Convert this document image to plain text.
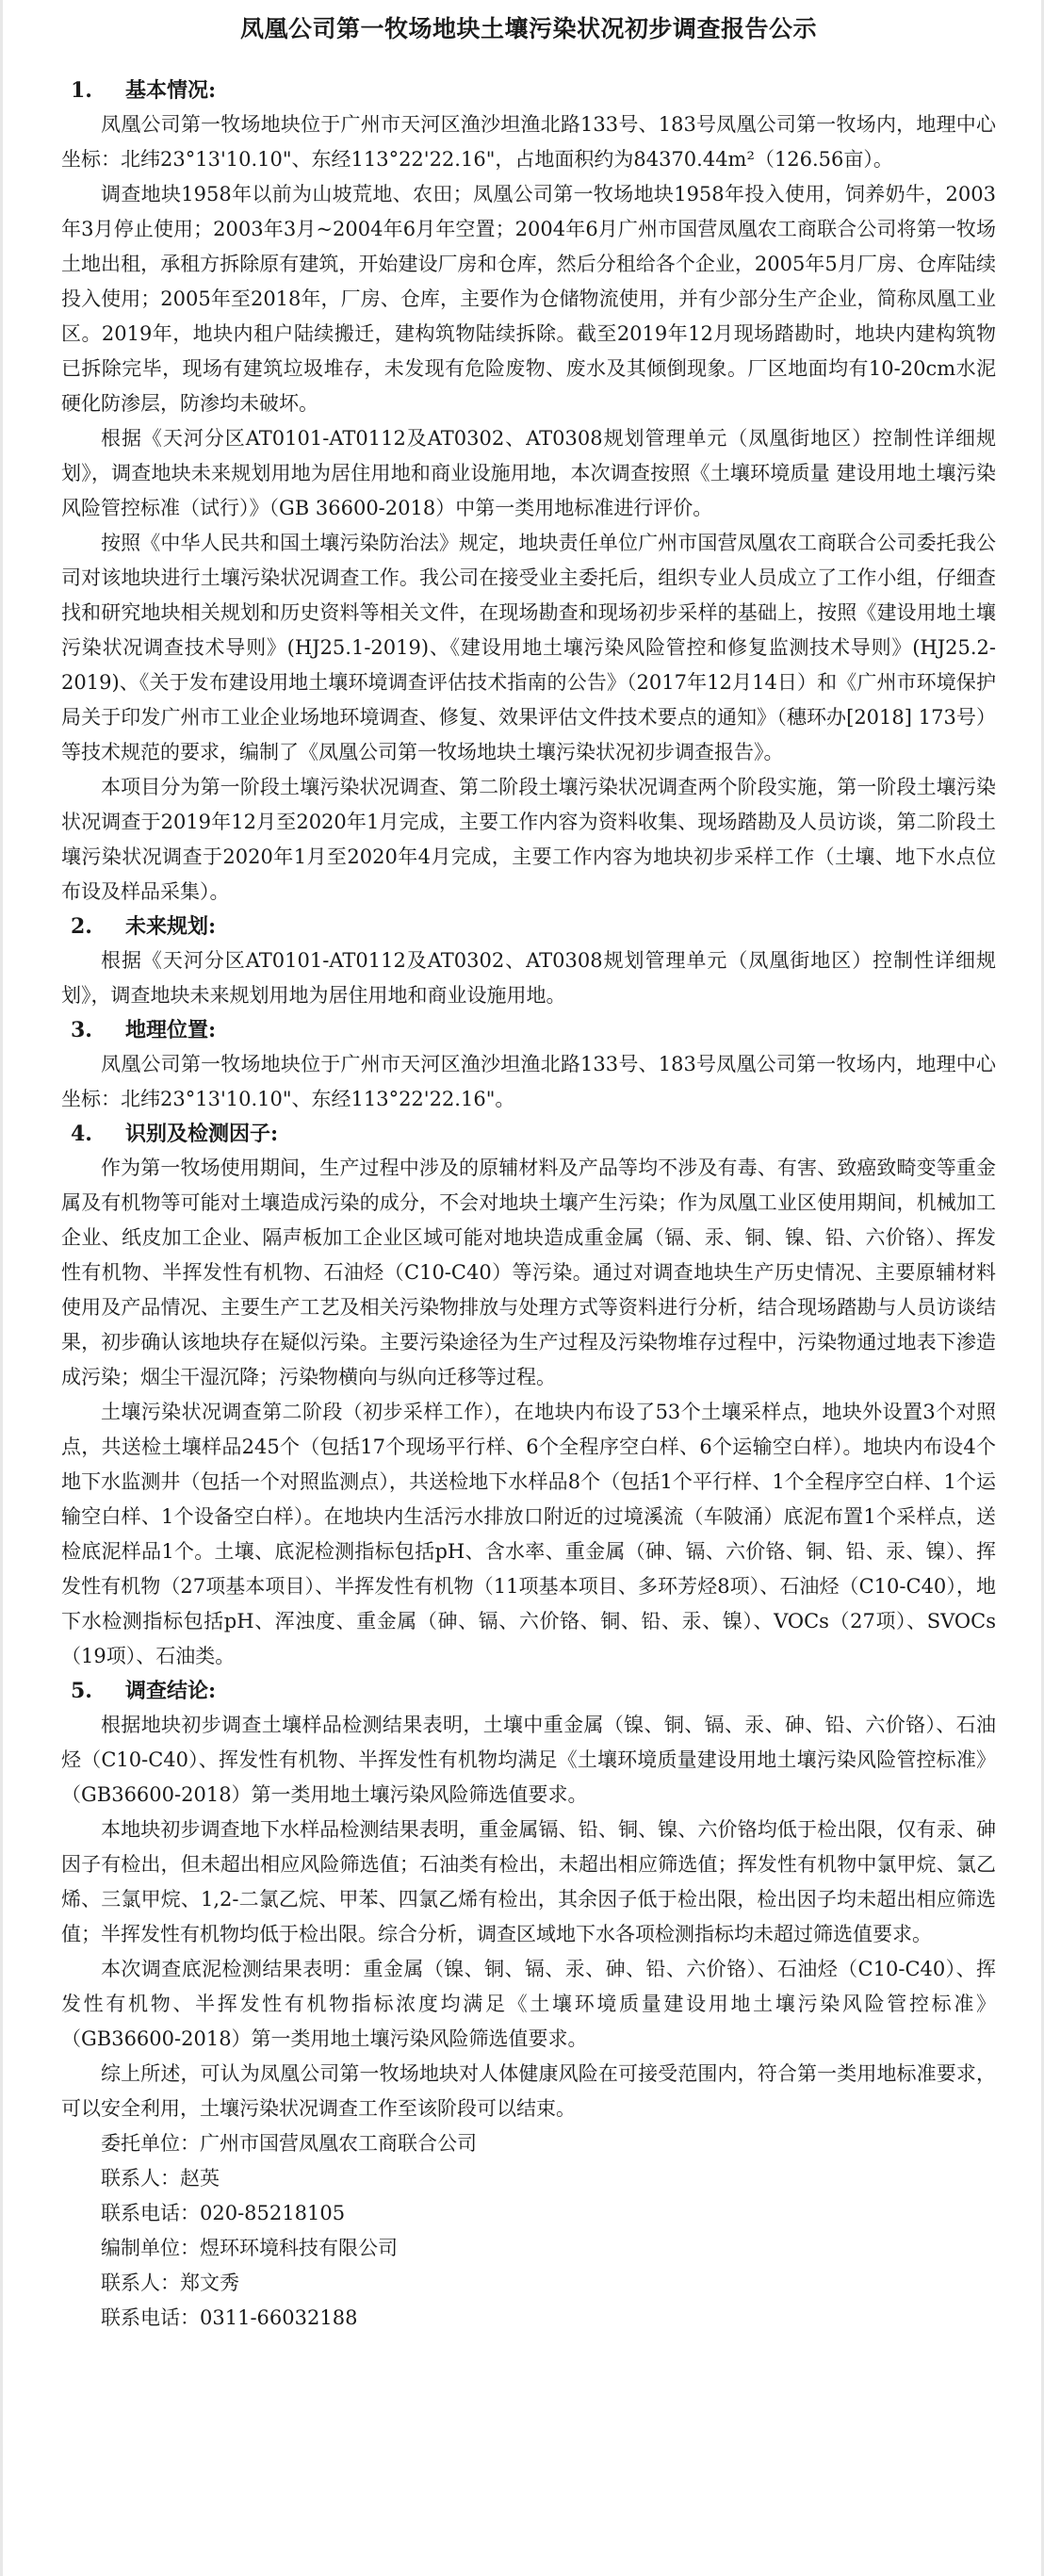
凤凰公司第一牧场地块土壤污染状况初步调查报告公示
1.	基本情况:

凤凰公司第一牧场地块位于广州市天河区渔沙坦渔北路133号、183号凤凰公司第一牧场内，地理中心坐标：北纬23°13'10.10"、东经113°22'22.16"，占地面积约为84370.44m²（126.56亩）。

调查地块1958年以前为山坡荒地、农田；凤凰公司第一牧场地块1958年投入使用，饲养奶牛，2003年3月停止使用；2003年3月~2004年6月年空置；2004年6月广州市国营凤凰农工商联合公司将第一牧场土地出租，承租方拆除原有建筑，开始建设厂房和仓库，然后分租给各个企业，2005年5月厂房、仓库陆续投入使用；2005年至2018年，厂房、仓库，主要作为仓储物流使用，并有少部分生产企业，简称凤凰工业区。2019年，地块内租户陆续搬迁，建构筑物陆续拆除。截至2019年12月现场踏勘时，地块内建构筑物已拆除完毕，现场有建筑垃圾堆存，未发现有危险废物、废水及其倾倒现象。厂区地面均有10-20cm水泥硬化防渗层，防渗均未破坏。

根据《天河分区AT0101-AT0112及AT0302、AT0308规划管理单元（凤凰街地区）控制性详细规划》，调查地块未来规划用地为居住用地和商业设施用地，本次调查按照《土壤环境质量 建设用地土壤污染风险管控标准（试行）》（GB 36600-2018）中第一类用地标准进行评价。

按照《中华人民共和国土壤污染防治法》规定，地块责任单位广州市国营凤凰农工商联合公司委托我公司对该地块进行土壤污染状况调查工作。我公司在接受业主委托后，组织专业人员成立了工作小组，仔细查找和研究地块相关规划和历史资料等相关文件，在现场勘查和现场初步采样的基础上，按照《建设用地土壤污染状况调查技术导则》(HJ25.1-2019)、《建设用地土壤污染风险管控和修复监测技术导则》(HJ25.2-2019)、《关于发布建设用地土壤环境调查评估技术指南的公告》（2017年12月14日）和《广州市环境保护局关于印发广州市工业企业场地环境调查、修复、效果评估文件技术要点的通知》（穗环办[2018] 173号）等技术规范的要求，编制了《凤凰公司第一牧场地块土壤污染状况初步调查报告》。

本项目分为第一阶段土壤污染状况调查、第二阶段土壤污染状况调查两个阶段实施，第一阶段土壤污染状况调查于2019年12月至2020年1月完成，主要工作内容为资料收集、现场踏勘及人员访谈，第二阶段土壤污染状况调查于2020年1月至2020年4月完成，主要工作内容为地块初步采样工作（土壤、地下水点位布设及样品采集）。

2.	未来规划:

根据《天河分区AT0101-AT0112及AT0302、AT0308规划管理单元（凤凰街地区）控制性详细规划》，调查地块未来规划用地为居住用地和商业设施用地。

3.	地理位置:

凤凰公司第一牧场地块位于广州市天河区渔沙坦渔北路133号、183号凤凰公司第一牧场内，地理中心坐标：北纬23°13'10.10"、东经113°22'22.16"。

4.	识别及检测因子:

作为第一牧场使用期间，生产过程中涉及的原辅材料及产品等均不涉及有毒、有害、致癌致畸变等重金属及有机物等可能对土壤造成污染的成分，不会对地块土壤产生污染；作为凤凰工业区使用期间，机械加工企业、纸皮加工企业、隔声板加工企业区域可能对地块造成重金属（镉、汞、铜、镍、铅、六价铬）、挥发性有机物、半挥发性有机物、石油烃（C10-C40）等污染。通过对调查地块生产历史情况、主要原辅材料使用及产品情况、主要生产工艺及相关污染物排放与处理方式等资料进行分析，结合现场踏勘与人员访谈结果，初步确认该地块存在疑似污染。主要污染途径为生产过程及污染物堆存过程中，污染物通过地表下渗造成污染；烟尘干湿沉降；污染物横向与纵向迁移等过程。

土壤污染状况调查第二阶段（初步采样工作），在地块内布设了53个土壤采样点，地块外设置3个对照点，共送检土壤样品245个（包括17个现场平行样、6个全程序空白样、6个运输空白样）。地块内布设4个地下水监测井（包括一个对照监测点），共送检地下水样品8个（包括1个平行样、1个全程序空白样、1个运输空白样、1个设备空白样）。在地块内生活污水排放口附近的过境溪流（车陂涌）底泥布置1个采样点，送检底泥样品1个。土壤、底泥检测指标包括pH、含水率、重金属（砷、镉、六价铬、铜、铅、汞、镍）、挥发性有机物（27项基本项目）、半挥发性有机物（11项基本项目、多环芳烃8项）、石油烃（C10-C40），地下水检测指标包括pH、浑浊度、重金属（砷、镉、六价铬、铜、铅、汞、镍）、VOCs（27项）、SVOCs（19项）、石油类。

5.	调查结论:

根据地块初步调查土壤样品检测结果表明，土壤中重金属（镍、铜、镉、汞、砷、铅、六价铬）、石油烃（C10-C40）、挥发性有机物、半挥发性有机物均满足《土壤环境质量建设用地土壤污染风险管控标准》（GB36600-2018）第一类用地土壤污染风险筛选值要求。

本地块初步调查地下水样品检测结果表明，重金属镉、铅、铜、镍、六价铬均低于检出限，仅有汞、砷因子有检出，但未超出相应风险筛选值；石油类有检出，未超出相应筛选值；挥发性有机物中氯甲烷、氯乙烯、三氯甲烷、1,2-二氯乙烷、甲苯、四氯乙烯有检出，其余因子低于检出限，检出因子均未超出相应筛选值；半挥发性有机物均低于检出限。综合分析，调查区域地下水各项检测指标均未超过筛选值要求。

本次调查底泥检测结果表明：重金属（镍、铜、镉、汞、砷、铅、六价铬）、石油烃（C10-C40）、挥发性有机物、半挥发性有机物指标浓度均满足《土壤环境质量建设用地土壤污染风险管控标准》（GB36600-2018）第一类用地土壤污染风险筛选值要求。

综上所述，可认为凤凰公司第一牧场地块对人体健康风险在可接受范围内，符合第一类用地标准要求，可以安全利用，土壤污染状况调查工作至该阶段可以结束。

委托单位：广州市国营凤凰农工商联合公司
联系人：赵英
联系电话：020-85218105
编制单位：煜环环境科技有限公司
联系人：郑文秀
联系电话：0311-66032188
